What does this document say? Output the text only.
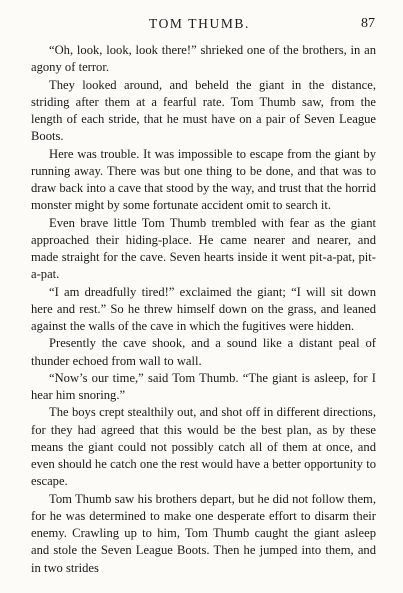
TOM THUMB.	87

“Oh, look, look, look there!” shrieked one of the brothers, in an agony of terror.

They looked around, and beheld the giant in the distance, striding after them at a fearful rate. Tom Thumb saw, from the length of each stride, that he must have on a pair of Seven League Boots.

Here was trouble. It was impossible to escape from the giant by running away. There was but one thing to be done, and that was to draw back into a cave that stood by the way, and trust that the horrid monster might by some fortunate accident omit to search it.

Even brave little Tom Thumb trembled with fear as the giant approached their hiding-place. He came nearer and nearer, and made straight for the cave. Seven hearts inside it went pit-a-pat, pit-a-pat.

“I am dreadfully tired!” exclaimed the giant; “I will sit down here and rest.” So he threw himself down on the grass, and leaned against the walls of the cave in which the fugitives were hidden.

Presently the cave shook, and a sound like a distant peal of thunder echoed from wall to wall.

“Now’s our time,” said Tom Thumb. “The giant is asleep, for I hear him snoring.”

The boys crept stealthily out, and shot off in different directions, for they had agreed that this would be the best plan, as by these means the giant could not possibly catch all of them at once, and even should he catch one the rest would have a better opportunity to escape.

Tom Thumb saw his brothers depart, but he did not follow them, for he was determined to make one desperate effort to disarm their enemy. Crawling up to him, Tom Thumb caught the giant asleep and stole the Seven League Boots. Then he jumped into them, and in two strides
